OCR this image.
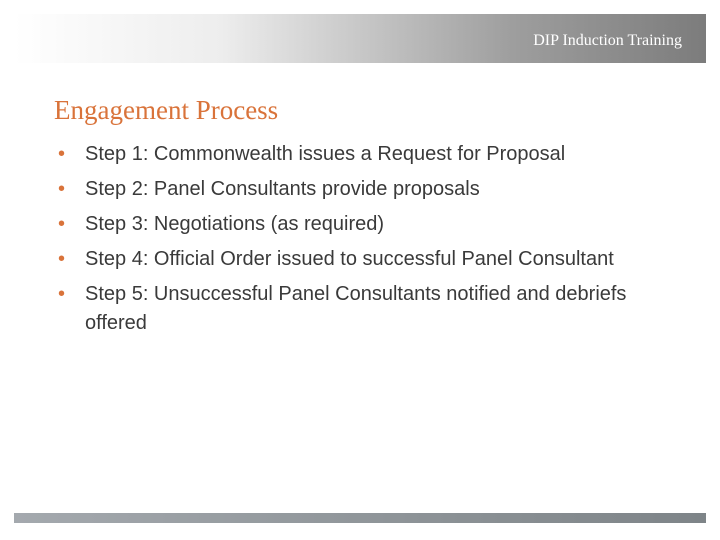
DIP Induction Training
Engagement Process
• Step 1: Commonwealth issues a Request for Proposal
• Step 2: Panel Consultants provide proposals
• Step 3: Negotiations (as required)
• Step 4: Official Order issued to successful Panel Consultant
• Step 5: Unsuccessful Panel Consultants notified and debriefs offered
